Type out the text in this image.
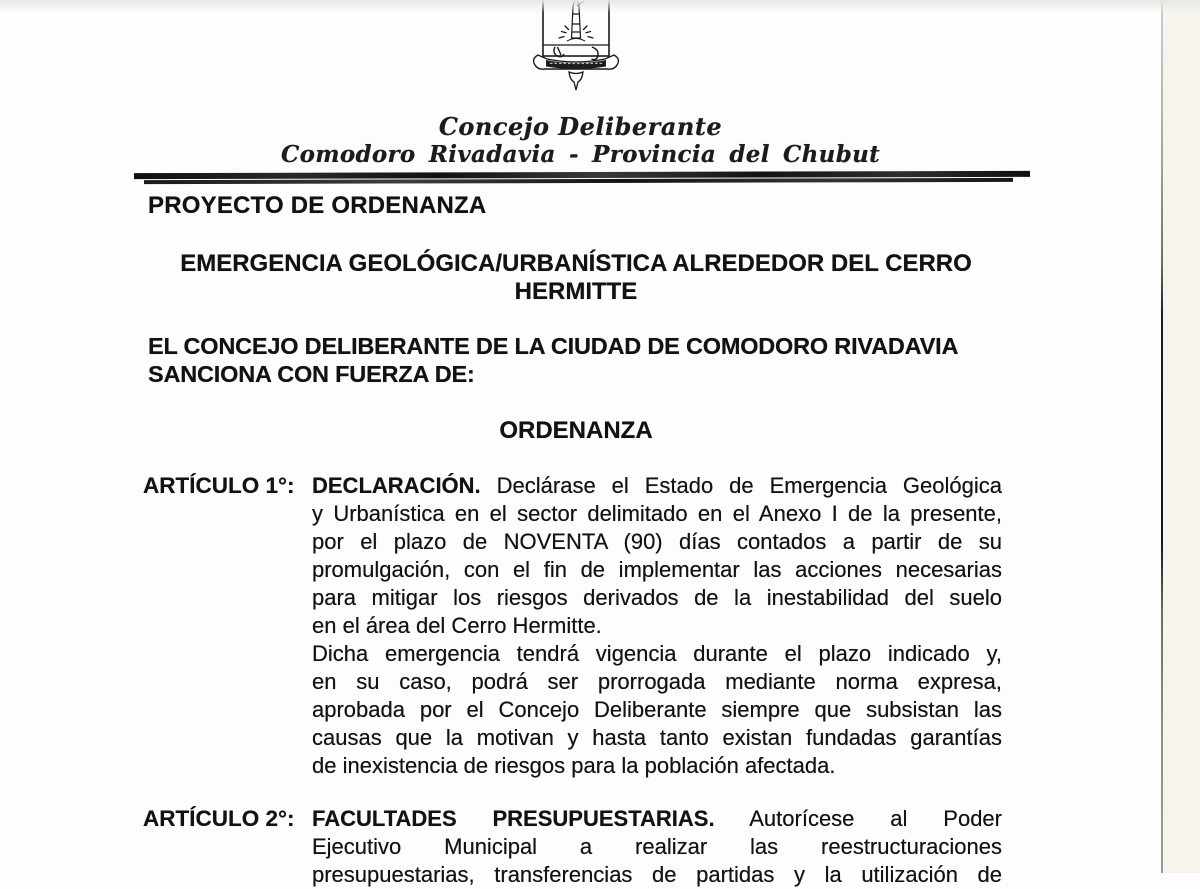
Concejo Deliberante
Comodoro Rivadavia - Provincia del Chubut
PROYECTO DE ORDENANZA
EMERGENCIA GEOLÓGICA/URBANÍSTICA ALREDEDOR DEL CERRO
HERMITTE
EL CONCEJO DELIBERANTE DE LA CIUDAD DE COMODORO RIVADAVIA
SANCIONA CON FUERZA DE:
ORDENANZA
ARTÍCULO 1°: DECLARACIÓN. Declárase el Estado de Emergencia Geológica
y Urbanística en el sector delimitado en el Anexo I de la presente,
por el plazo de NOVENTA (90) días contados a partir de su
promulgación, con el fin de implementar las acciones necesarias
para mitigar los riesgos derivados de la inestabilidad del suelo
en el área del Cerro Hermitte.
Dicha emergencia tendrá vigencia durante el plazo indicado y,
en su caso, podrá ser prorrogada mediante norma expresa,
aprobada por el Concejo Deliberante siempre que subsistan las
causas que la motivan y hasta tanto existan fundadas garantías
de inexistencia de riesgos para la población afectada.
ARTÍCULO 2°: FACULTADES PRESUPUESTARIAS. Autorícese al Poder
Ejecutivo Municipal a realizar las reestructuraciones
presupuestarias, transferencias de partidas y la utilización de
